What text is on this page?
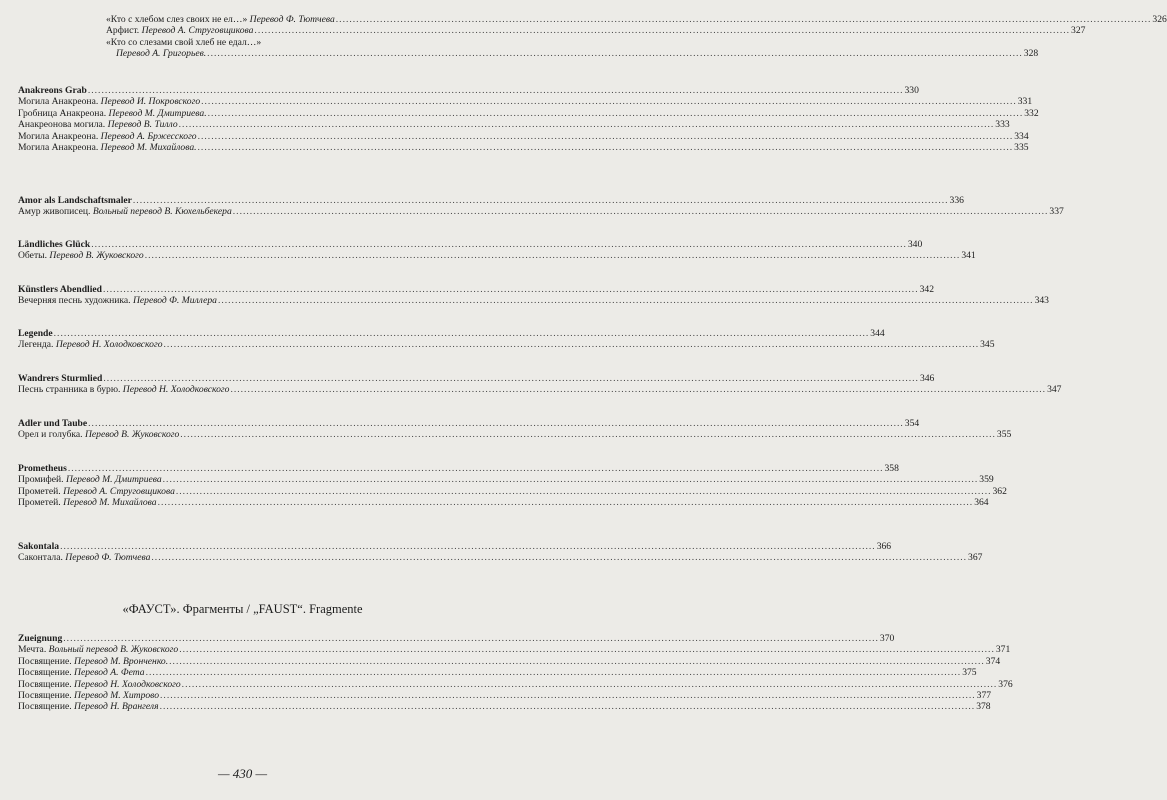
«Кто с хлебом слез своих не ел…» Перевод Ф. Тютчева .....	326
Арфист. Перевод А. Струговщикова .....	327
«Кто со слезами свой хлеб не едал…»
Перевод А. Григорьев. .....	328
Anakreons Grab .....	330
Могила Анакреона. Перевод И. Покровского .....	331
Гробница Анакреона. Перевод М. Дмитриева. .....	332
Анакреонова могила. Перевод В. Тилло .....	333
Могила Анакреона. Перевод А. Бржесского .....	334
Могила Анакреона. Перевод М. Михайлова. .....	335
Amor als Landschaftsmaler .....	336
Амур живописец. Вольный перевод В. Кюхельбекера .....	337
Ländliches Glück .....	340
Обеты. Перевод В. Жуковского .....	341
Künstlers Abendlied .....	342
Вечерняя песнь художника. Перевод Ф. Миллера .....	343
Legende .....	344
Легенда. Перевод Н. Холодковского .....	345
Wandrers Sturmlied .....	346
Песнь странника в бурю. Перевод Н. Холодковского .....	347
Adler und Taube .....	354
Орел и голубка. Перевод В. Жуковского .....	355
Prometheus .....	358
Промифей. Перевод М. Дмитриева .....	359
Прометей. Перевод А. Струговщикова .....	362
Прометей. Перевод М. Михайлова .....	364
Sakontala .....	366
Саконтала. Перевод Ф. Тютчева .....	367
«ФАУСТ». Фрагменты / „FAUST“. Fragmente
Zueignung .....	370
Мечта. Вольный перевод В. Жуковского .....	371
Посвящение. Перевод М. Вронченко. .....	374
Посвящение. Перевод А. Фета .....	375
Посвящение. Перевод Н. Холодковского .....	376
Посвящение. Перевод М. Хитрово .....	377
Посвящение. Перевод Н. Врангеля .....	378
— 430 —
